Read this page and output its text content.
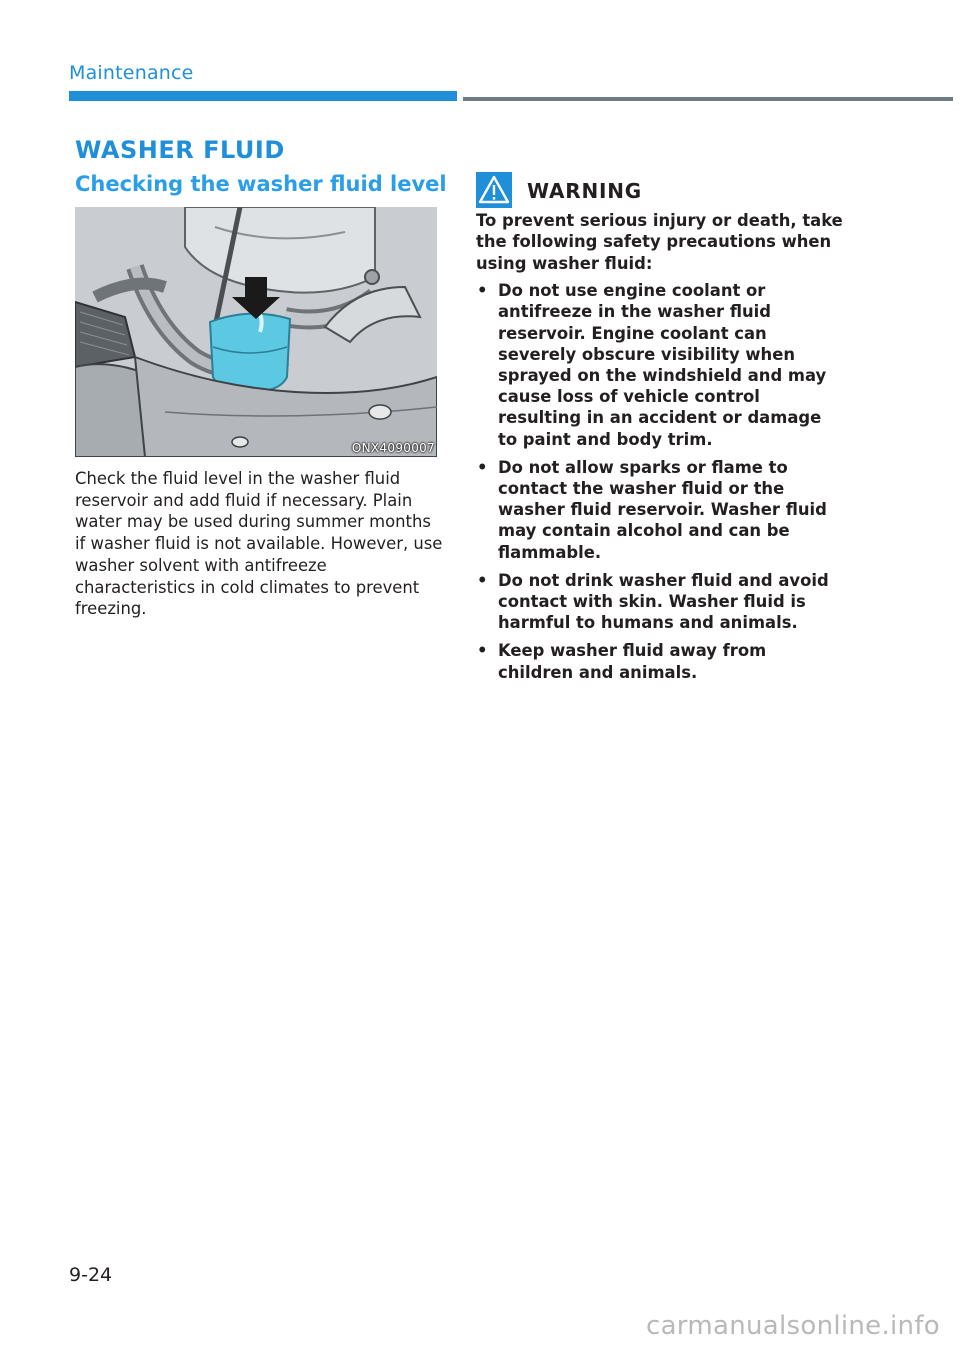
Maintenance
WASHER FLUID
Checking the washer fluid level
ONX4090007

Check the fluid level in the washer fluid reservoir and add fluid if necessary. Plain water may be used during summer months if washer fluid is not available. However, use washer solvent with antifreeze characteristics in cold climates to prevent freezing.

WARNING

To prevent serious injury or death, take the following safety precautions when using washer fluid:

• Do not use engine coolant or antifreeze in the washer fluid reservoir. Engine coolant can severely obscure visibility when sprayed on the windshield and may cause loss of vehicle control resulting in an accident or damage to paint and body trim.
• Do not allow sparks or flame to contact the washer fluid or the washer fluid reservoir. Washer fluid may contain alcohol and can be flammable.
• Do not drink washer fluid and avoid contact with skin. Washer fluid is harmful to humans and animals.
• Keep washer fluid away from children and animals.
9-24
carmanualsonline.info
